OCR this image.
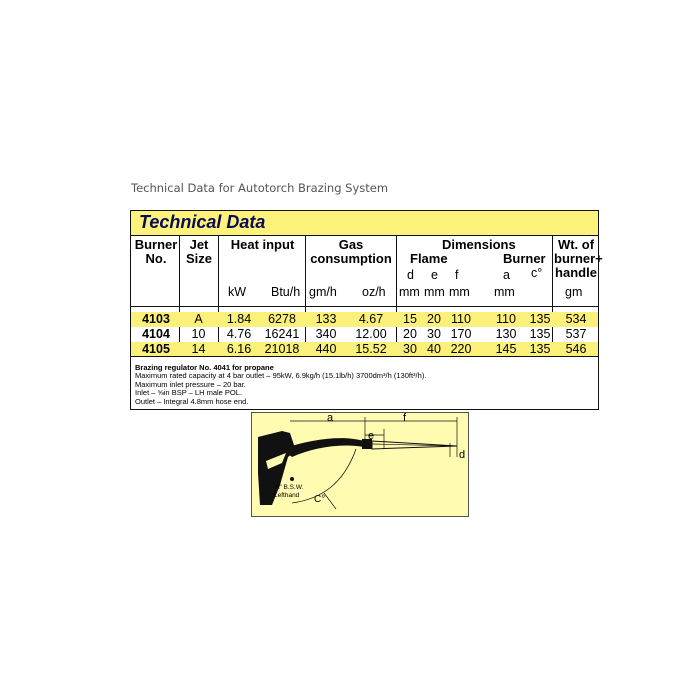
Technical Data for Autotorch Brazing System
Technical Data
Burner
No.
Jet
Size
Heat input
kW Btu/h
Gas
consumption
gm/h oz/h
Dimensions
Flame	Burner
d e f	a c°
mm mm mm mm
Wt. of
burner+
handle
gm
4103	A	1.84	6278	133	4.67	15 20 110	110	135	534
4104	10	4.76	16241	340	12.00	20 30 170	130	135	537
4105	14	6.16	21018	440	15.52	30 40 220	145	135	546
Brazing regulator No. 4041 for propane
Maximum rated capacity at 4 bar outlet – 95kW, 6.9kg/h (15.1lb/h) 3700dm³/h (130ft³/h).
Maximum inlet pressure – 20 bar.
Inlet – ⅝in BSP – LH male POL.
Outlet – Integral 4.8mm hose end.
a
e
f
d
C°
⅛" B.S.W.
Lefthand
